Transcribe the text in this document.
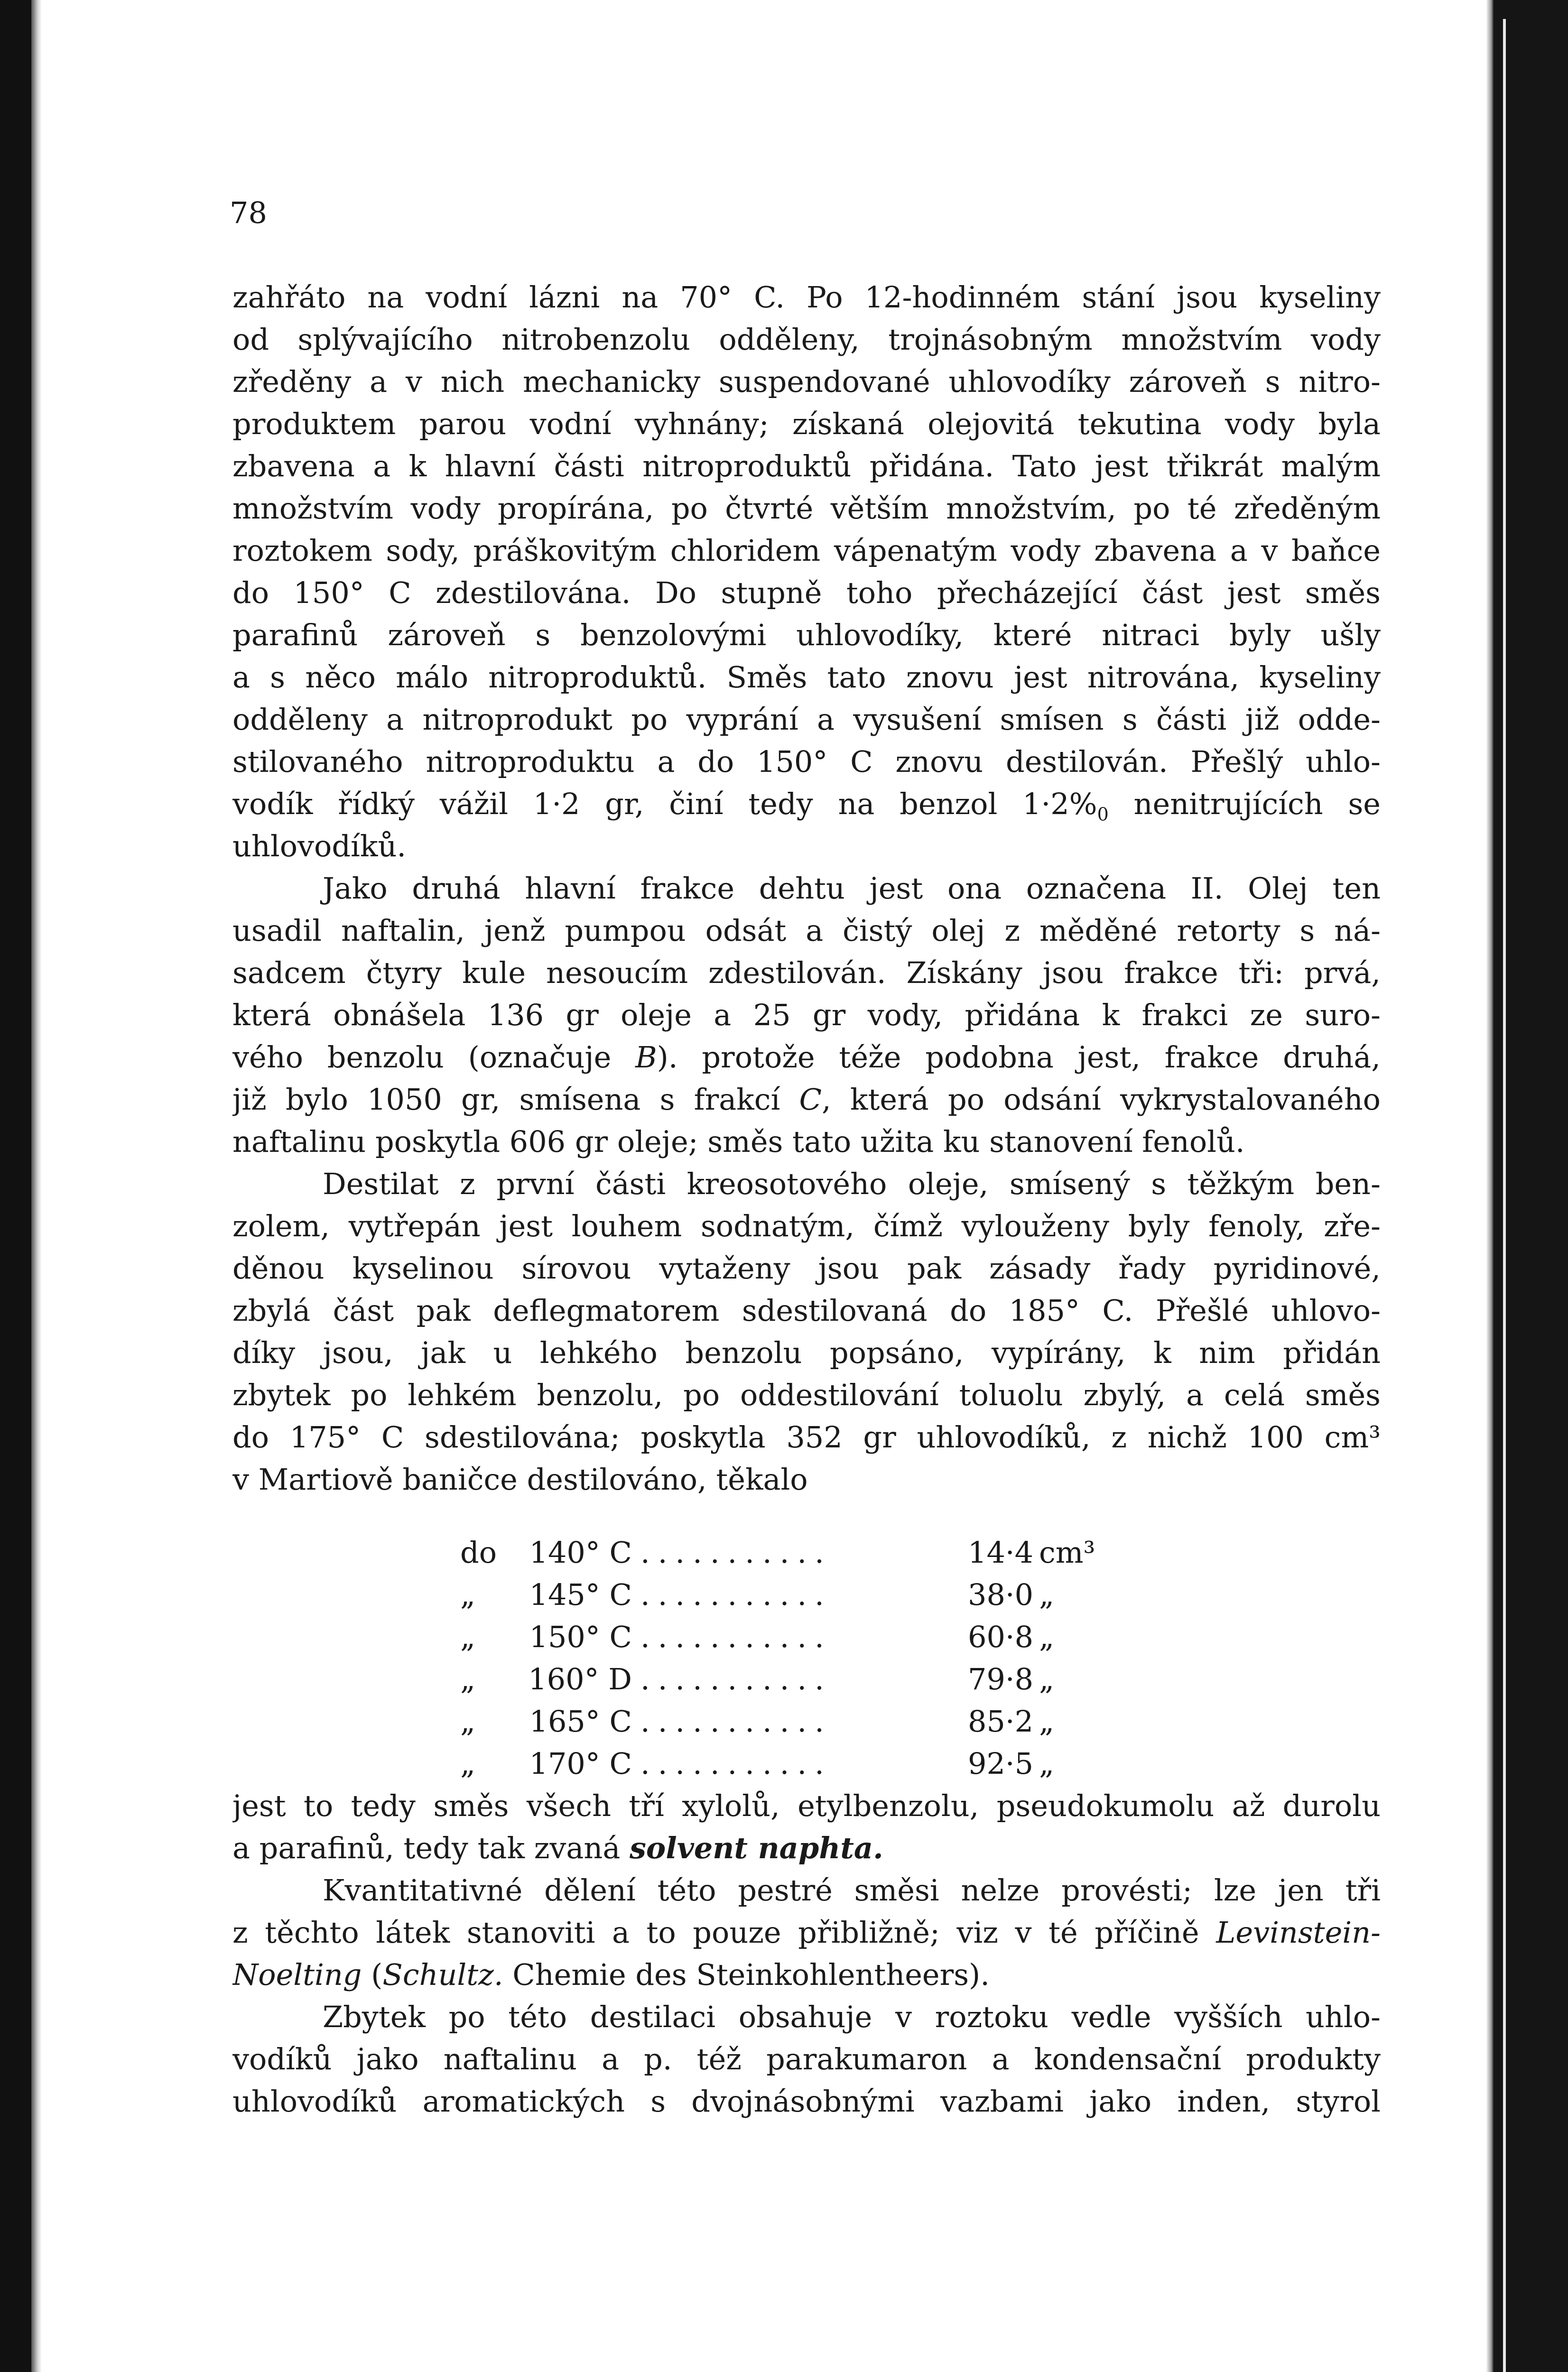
78
zahřáto na vodní lázni na 70° C. Po 12-hodinném stání jsou kyseliny
od splývajícího nitrobenzolu odděleny, trojnásobným množstvím vody
zředěny a v nich mechanicky suspendované uhlovodíky zároveň s nitro-
produktem parou vodní vyhnány; získaná olejovitá tekutina vody byla
zbavena a k hlavní části nitroproduktů přidána. Tato jest třikrát malým
množstvím vody propírána, po čtvrté větším množstvím, po té zředěným
roztokem sody, práškovitým chloridem vápenatým vody zbavena a v baňce
do 150° C zdestilována. Do stupně toho přecházející část jest směs
parafinů zároveň s benzolovými uhlovodíky, které nitraci byly ušly
a s něco málo nitroproduktů. Směs tato znovu jest nitrována, kyseliny
odděleny a nitroprodukt po vyprání a vysušení smísen s části již odde-
stilovaného nitroproduktu a do 150° C znovu destilován. Přešlý uhlo-
vodík řídký vážil 1·2 gr, činí tedy na benzol $1\cdot 2\%_0$ nenitrujících se
uhlovodíků.
Jako druhá hlavní frakce dehtu jest ona označena II. Olej ten
usadil naftalin, jenž pumpou odsát a čistý olej z měděné retorty s ná-
sadcem čtyry kule nesoucím zdestilován. Získány jsou frakce tři: prvá,
která obnášela 136 gr oleje a 25 gr vody, přidána k frakci ze suro-
vého benzolu (označuje B). protože téže podobna jest, frakce druhá,
již bylo 1050 gr, smísena s frakcí C, která po odsání vykrystalovaného
naftalinu poskytla 606 gr oleje; směs tato užita ku stanovení fenolů.
Destilat z první části kreosotového oleje, smísený s těžkým ben-
zolem, vytřepán jest louhem sodnatým, čímž vylouženy byly fenoly, zře-
děnou kyselinou sírovou vytaženy jsou pak zásady řady pyridinové,
zbylá část pak deflegmatorem sdestilovaná do 185° C. Přešlé uhlovo-
díky jsou, jak u lehkého benzolu popsáno, vypírány, k nim přidán
zbytek po lehkém benzolu, po oddestilování toluolu zbylý, a celá směs
do 175° C sdestilována; poskytla 352 gr uhlovodíků, z nichž 100 cm³
v Martiově baničce destilováno, těkalo
do	140° C ...........	14·4 cm³
„	145° C ...........	38·0 „
„	150° C ...........	60·8 „
„	160° D ...........	79·8 „
„	165° C ...........	85·2 „
„	170° C ...........	92·5 „
jest to tedy směs všech tří xylolů, etylbenzolu, pseudokumolu až durolu
a parafinů, tedy tak zvaná solvent naphta.
Kvantitativné dělení této pestré směsi nelze provésti; lze jen tři
z těchto látek stanoviti a to pouze přibližně; viz v té příčině Levinstein-
Noelting (Schultz. Chemie des Steinkohlentheers).
Zbytek po této destilaci obsahuje v roztoku vedle vyšších uhlo-
vodíků jako naftalinu a p. též parakumaron a kondensační produkty
uhlovodíků aromatických s dvojnásobnými vazbami jako inden, styrol
